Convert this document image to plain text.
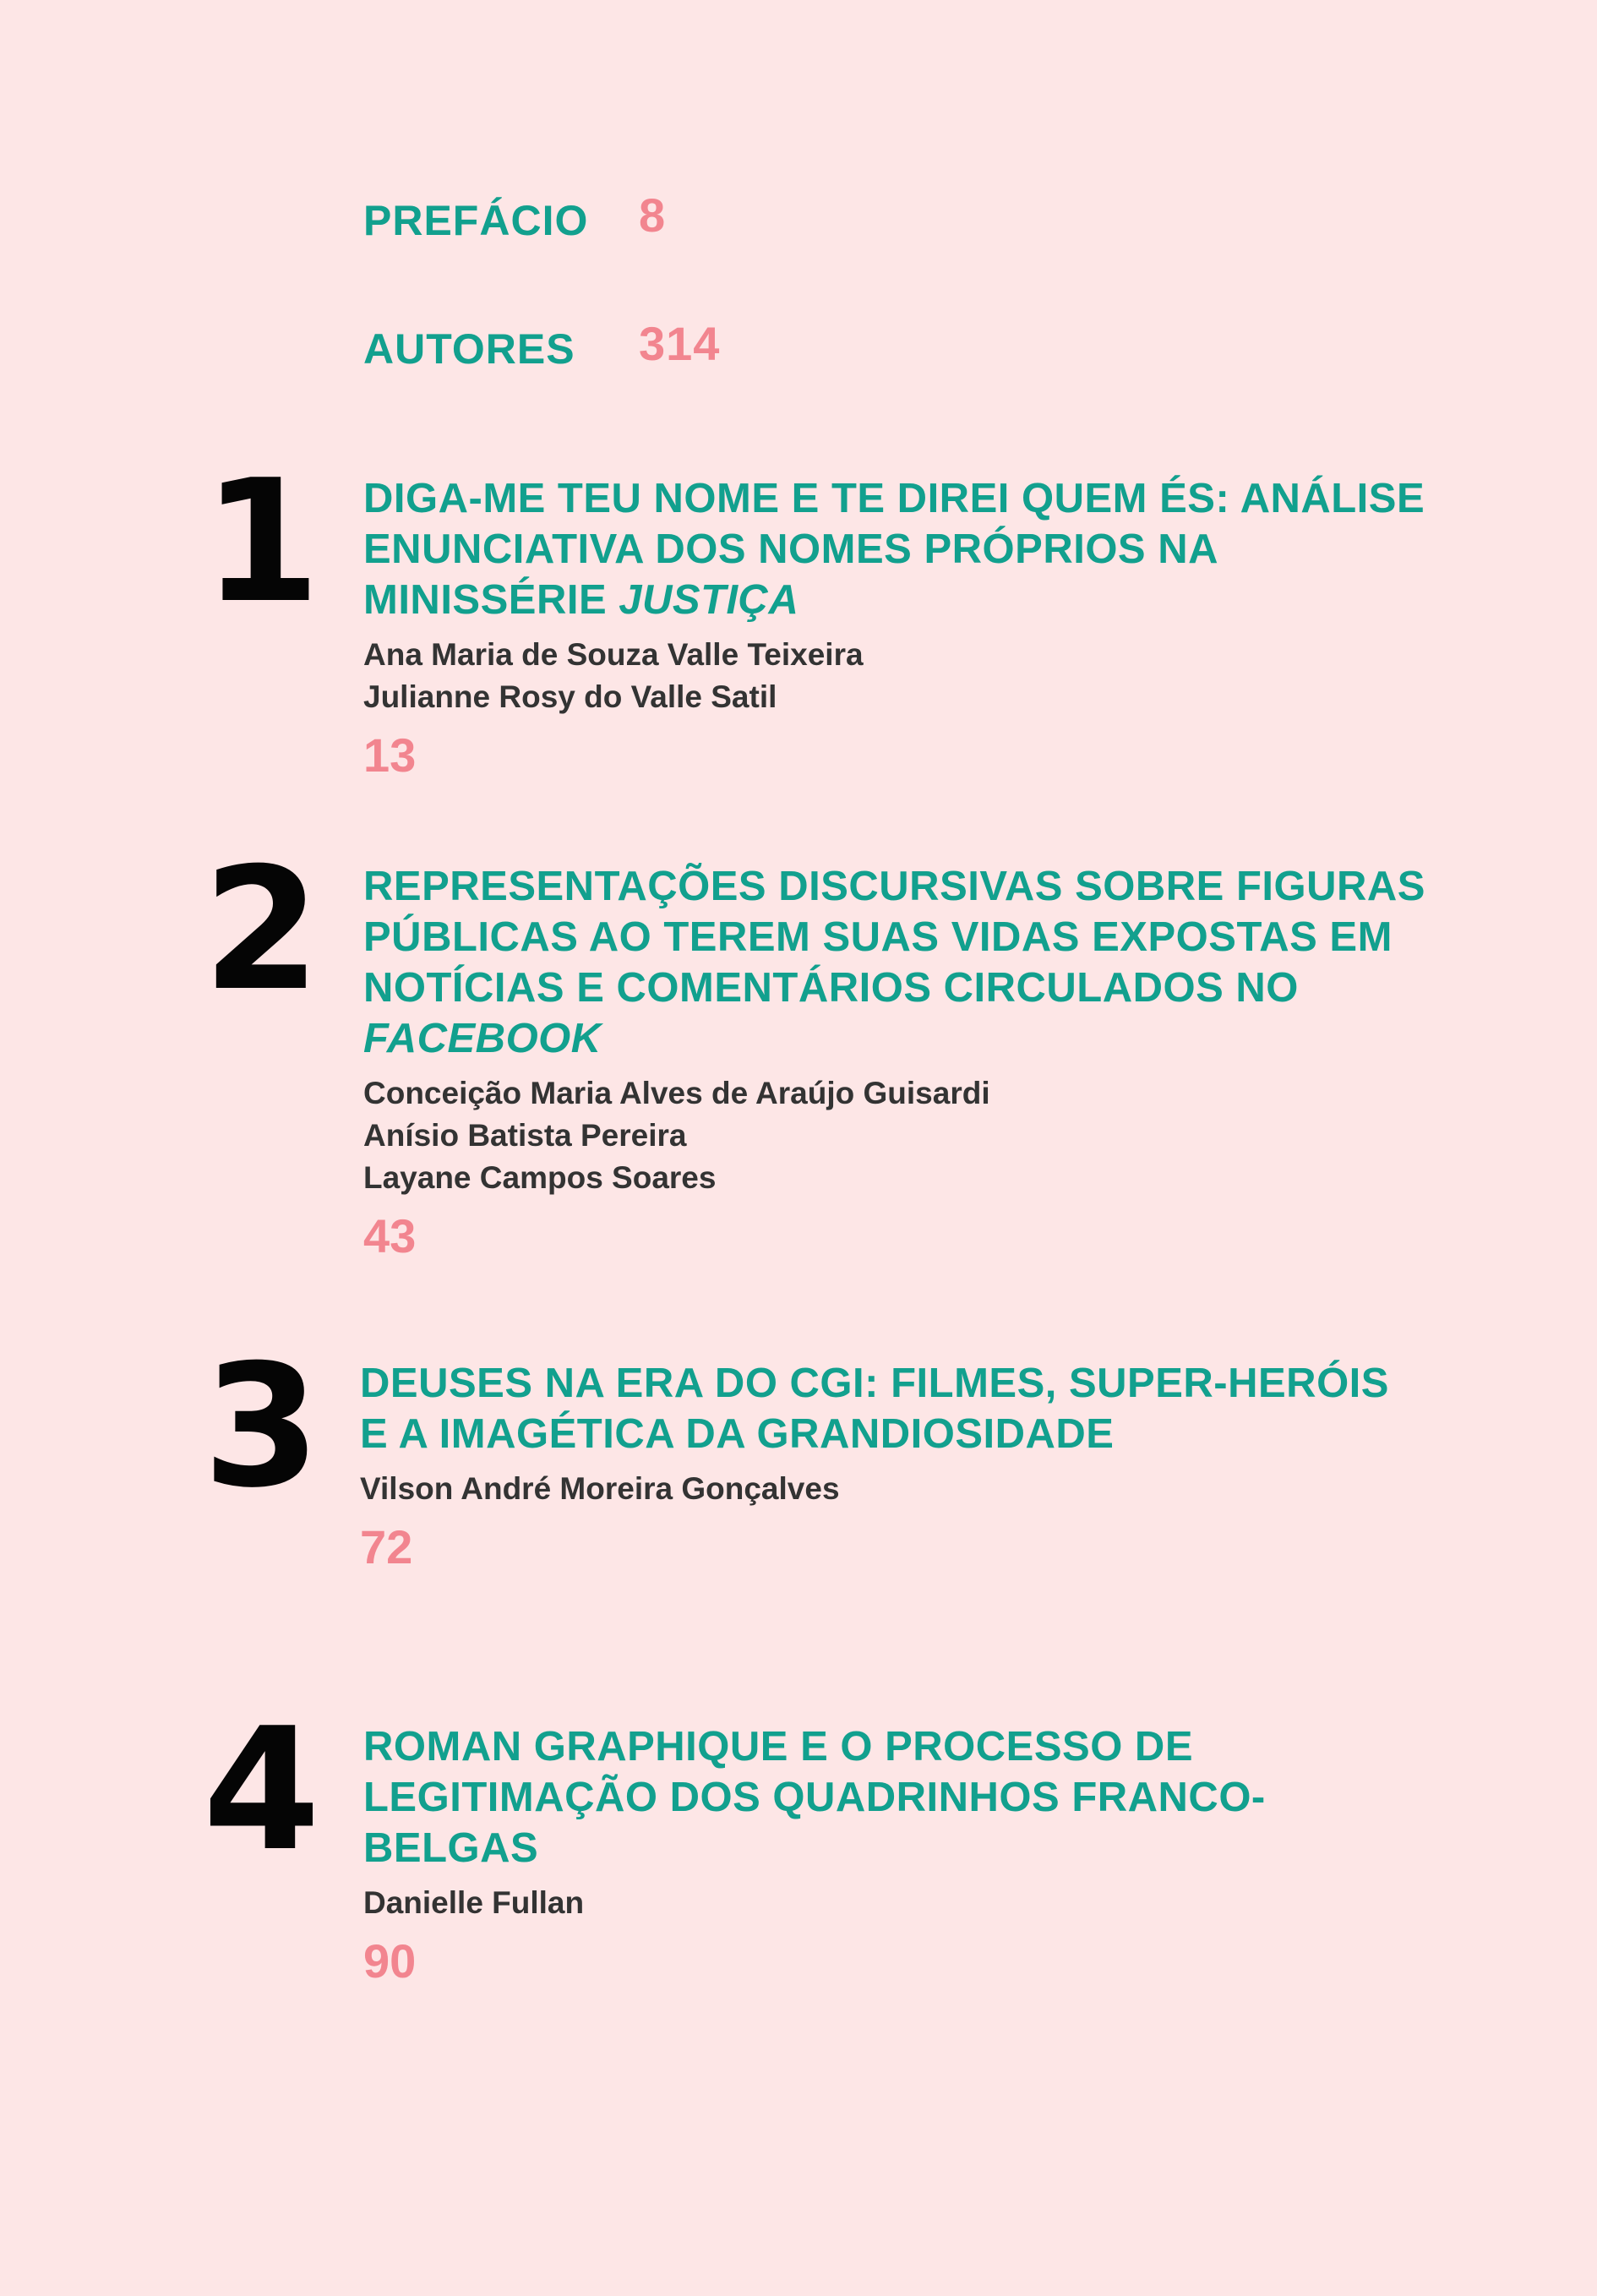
PREFÁCIO	8
AUTORES	314
1 DIGA-ME TEU NOME E TE DIREI QUEM ÉS: ANÁLISE ENUNCIATIVA DOS NOMES PRÓPRIOS NA MINISSÉRIE JUSTIÇA
Ana Maria de Souza Valle Teixeira
Julianne Rosy do Valle Satil
13
2 REPRESENTAÇÕES DISCURSIVAS SOBRE FIGURAS PÚBLICAS AO TEREM SUAS VIDAS EXPOSTAS EM NOTÍCIAS E COMENTÁRIOS CIRCULADOS NO FACEBOOK
Conceição Maria Alves de Araújo Guisardi
Anísio Batista Pereira
Layane Campos Soares
43
3 DEUSES NA ERA DO CGI: FILMES, SUPER-HERÓIS E A IMAGÉTICA DA GRANDIOSIDADE
Vilson André Moreira Gonçalves
72
4 ROMAN GRAPHIQUE E O PROCESSO DE LEGITIMAÇÃO DOS QUADRINHOS FRANCO-BELGAS
Danielle Fullan
90
